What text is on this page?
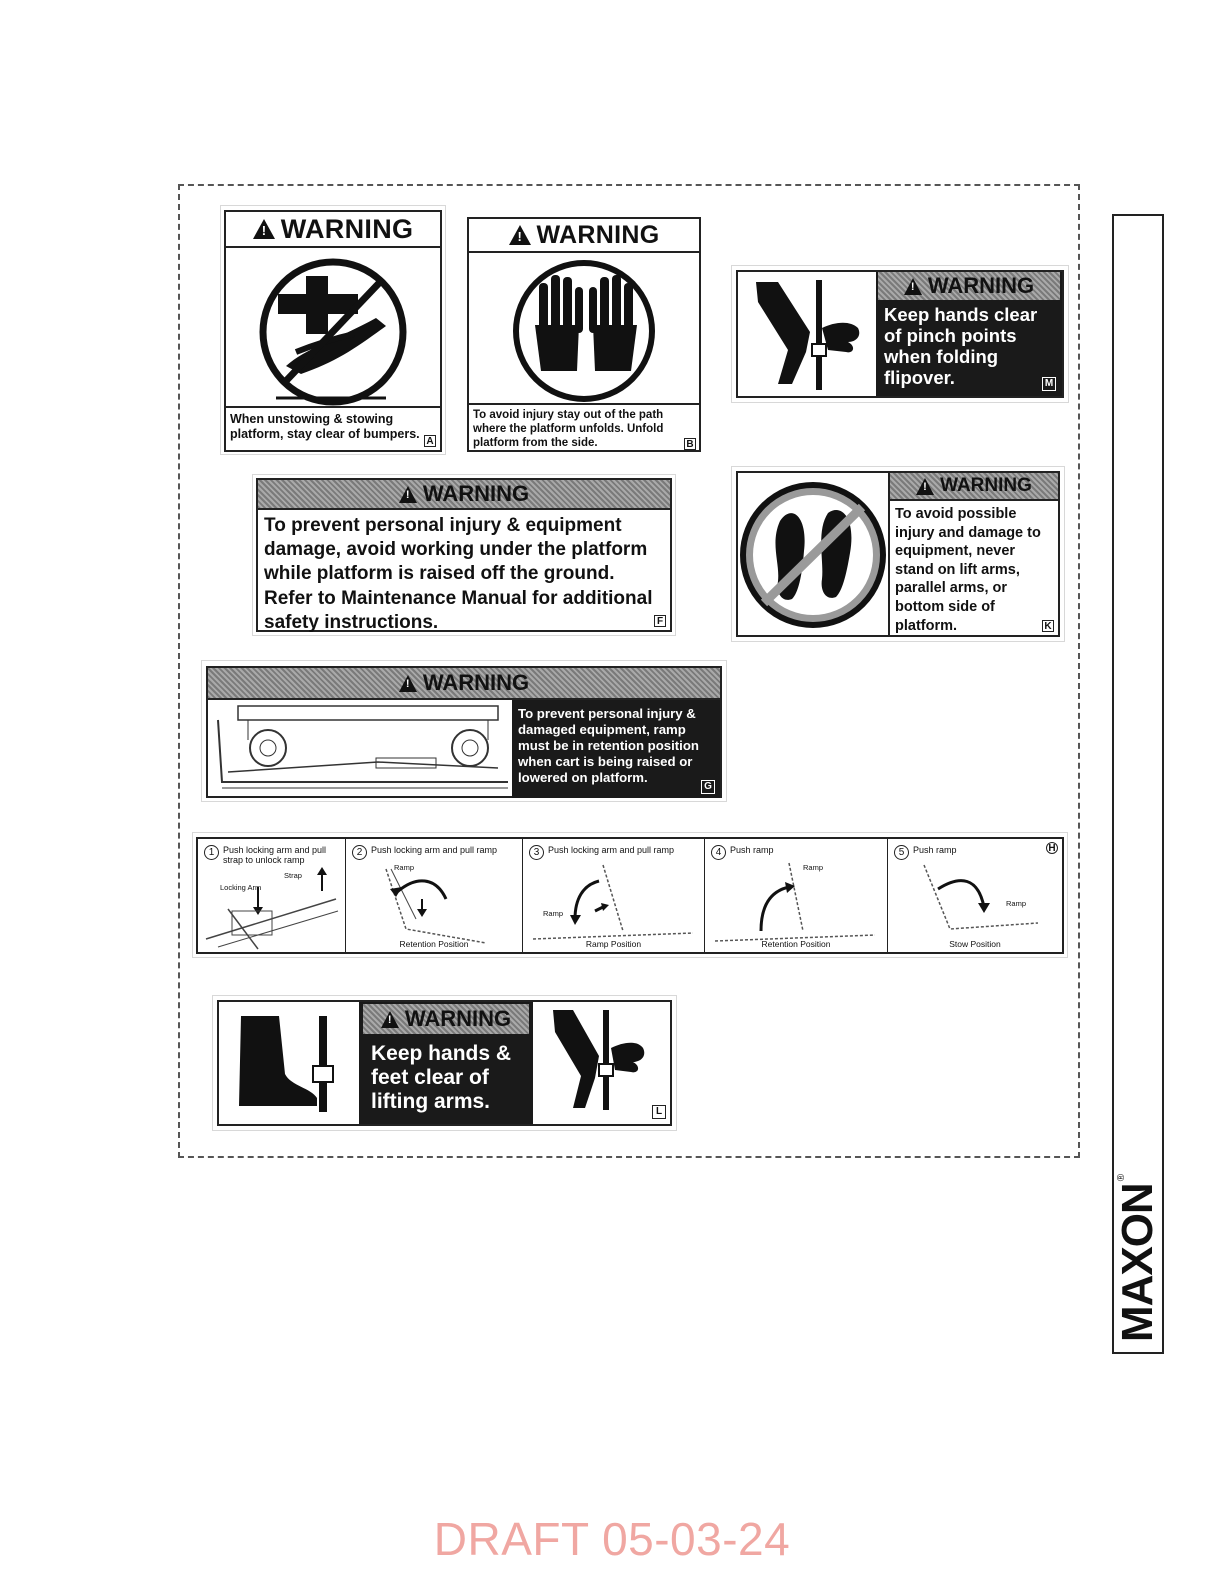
!
WARNING
When unstowing & stowing platform, stay clear of bumpers.
A
!
WARNING
To avoid injury stay out of the path where the platform unfolds. Unfold platform from the side.	B
!
WARNING
Keep hands clear of pinch points when folding flipover.	M
!
WARNING
To prevent personal injury & equipment damage, avoid working under the platform while platform is raised off the ground. Refer to Maintenance Manual for additional safety instructions.	F
!
WARNING
To avoid possible injury and damage to equipment, never stand on lift arms, parallel arms, or bottom side of platform.	K
!
WARNING
To prevent personal injury & damaged equipment, ramp must be in retention position when cart is being raised or lowered on platform.
G
1 Push locking arm and pull strap to unlock ramp
Locking Arm
Strap
2 Push locking arm and pull ramp
Ramp
Retention Position
3 Push locking arm and pull ramp
Ramp
Ramp Position
4 Push ramp
Ramp
Retention Position
5 Push ramp
Ramp
H
Stow Position
!
WARNING
Keep hands & feet clear of lifting arms.	L
MAXON
®
DRAFT 05-03-24
